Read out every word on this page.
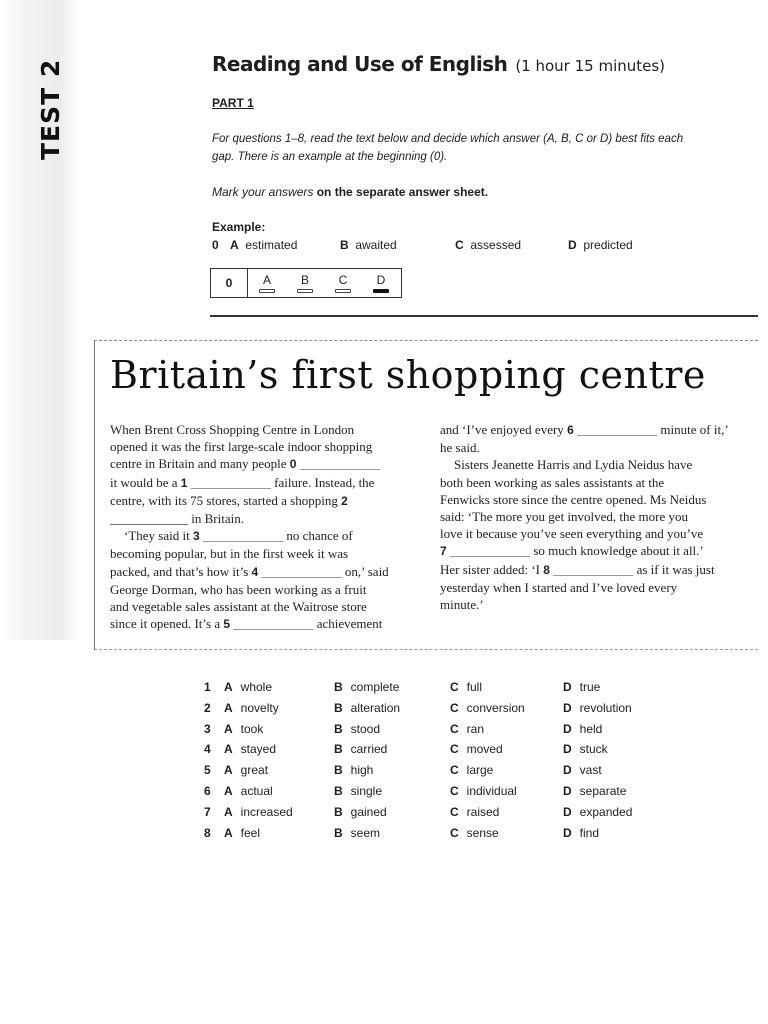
TEST 2	Reading and Use of English (1 hour 15 minutes)
PART 1
For questions 1–8, read the text below and decide which answer (A, B, C or D) best fits each
gap. There is an example at the beginning (0).
Mark your answers on the separate answer sheet.
Example:
0 A estimated	B awaited	C assessed	D predicted
0	A	B	C	D
Britain’s first shopping centre

When Brent Cross Shopping Centre in London

opened it was the first large-scale indoor shopping

centre in Britain and many people 0 ____________

it would be a 1 ____________ failure. Instead, the

centre, with its 75 stores, started a shopping 2

____________ in Britain.

‘They said it 3 ____________ no chance of

becoming popular, but in the first week it was

packed, and that’s how it’s 4 ____________ on,’ said

George Dorman, who has been working as a fruit

and vegetable sales assistant at the Waitrose store

since it opened. It’s a 5 ____________ achievement

and ‘I’ve enjoyed every 6 ____________ minute of it,’

he said.

Sisters Jeanette Harris and Lydia Neidus have

both been working as sales assistants at the

Fenwicks store since the centre opened. Ms Neidus

said: ‘The more you get involved, the more you

love it because you’ve seen everything and you’ve

7 ____________ so much knowledge about it all.’

Her sister added: ‘I 8 ____________ as if it was just

yesterday when I started and I’ve loved every

minute.’

1 A whole	B complete	C full	D true
2 A novelty	B alteration	C conversion	D revolution
3 A took	B stood	C ran	D held
4 A stayed	B carried	C moved	D stuck
5 A great	B high	C large	D vast
6 A actual	B single	C individual	D separate
7 A increased	B gained	C raised	D expanded
8 A feel	B seem	C sense	D find
